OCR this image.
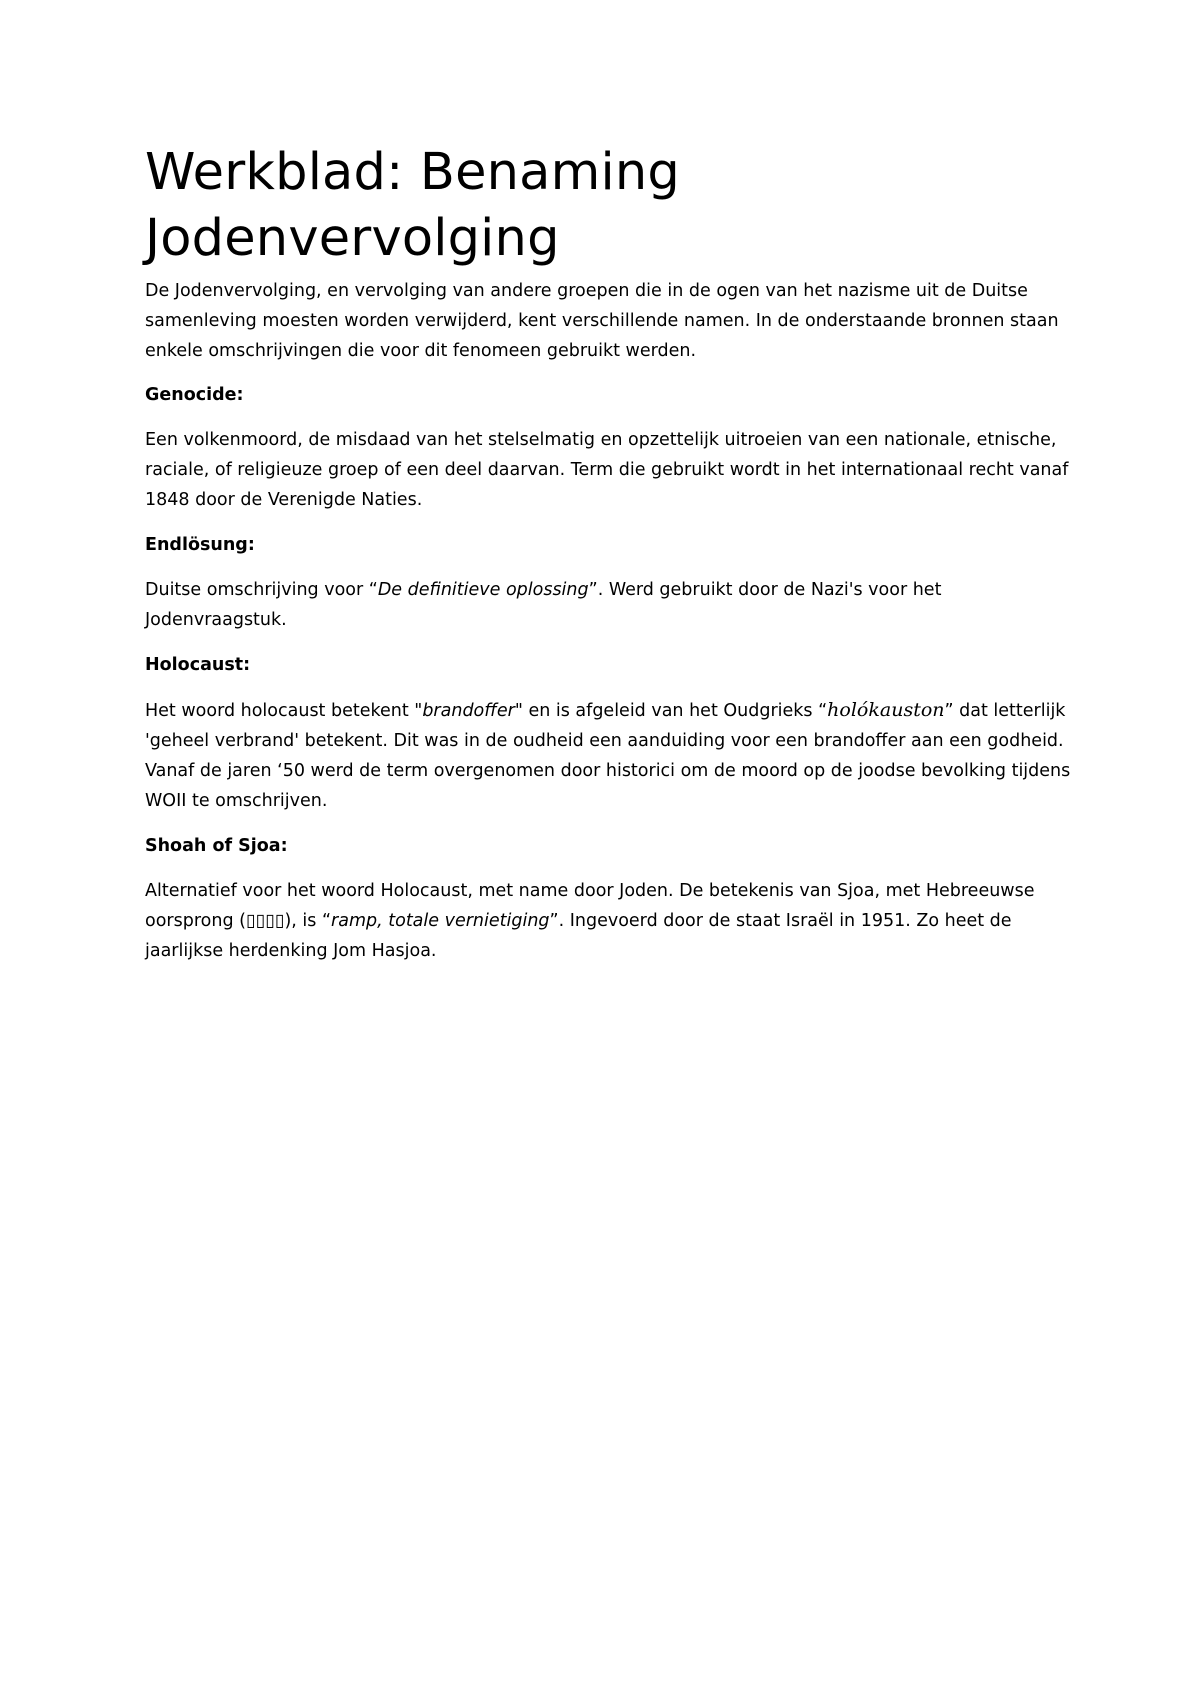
Werkblad: Benaming Jodenvervolging

De Jodenvervolging, en vervolging van andere groepen die in de ogen van het nazisme uit de Duitse samenleving moesten worden verwijderd, kent verschillende namen. In de onderstaande bronnen staan enkele omschrijvingen die voor dit fenomeen gebruikt werden.

Genocide:

Een volkenmoord, de misdaad van het stelselmatig en opzettelijk uitroeien van een nationale, etnische, raciale, of religieuze groep of een deel daarvan. Term die gebruikt wordt in het internationaal recht vanaf 1848 door de Verenigde Naties.

Endlösung:

Duitse omschrijving voor “De definitieve oplossing”. Werd gebruikt door de Nazi's voor het Jodenvraagstuk.

Holocaust:

Het woord holocaust betekent "brandoffer" en is afgeleid van het Oudgrieks “holókauston” dat letterlijk 'geheel verbrand' betekent. Dit was in de oudheid een aanduiding voor een brandoffer aan een godheid. Vanaf de jaren ‘50 werd de term overgenomen door historici om de moord op de joodse bevolking tijdens WOII te omschrijven.

Shoah of Sjoa:

Alternatief voor het woord Holocaust, met name door Joden. De betekenis van Sjoa, met Hebreeuwse oorsprong (▯▯▯▯), is “ramp, totale vernietiging”. Ingevoerd door de staat Israël in 1951. Zo heet de jaarlijkse herdenking Jom Hasjoa.
